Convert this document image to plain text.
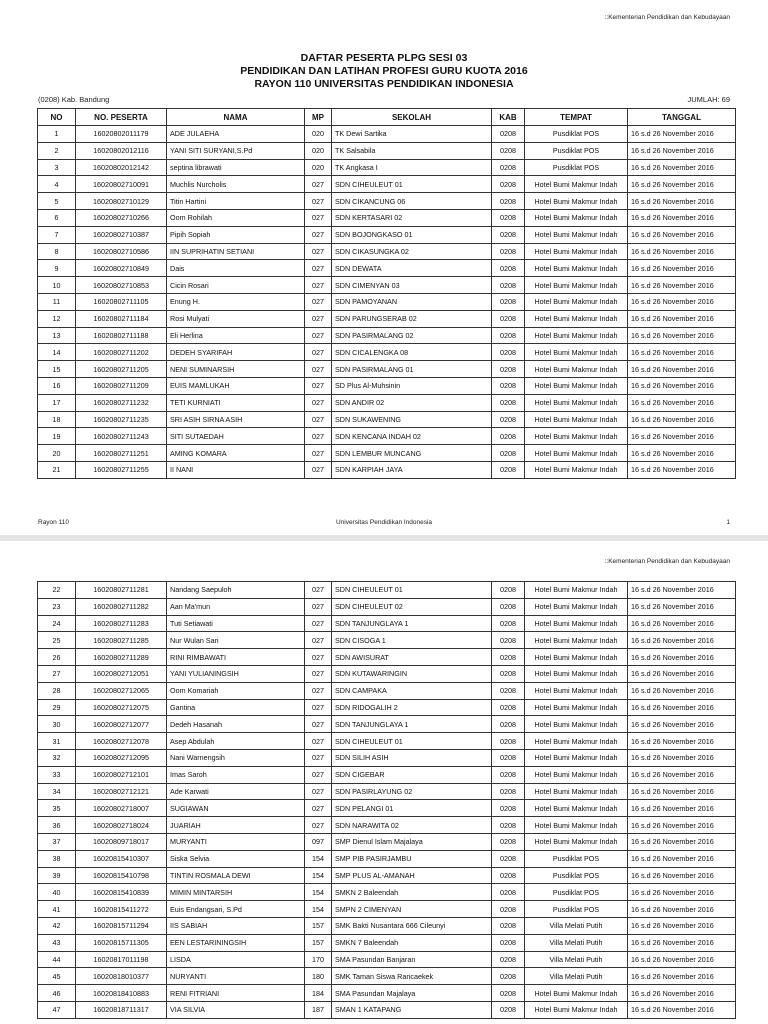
::Kementerian Pendidikan dan Kebudayaan
DAFTAR PESERTA PLPG SESI 03
PENDIDIKAN DAN LATIHAN PROFESI GURU KUOTA 2016
RAYON 110 UNIVERSITAS PENDIDIKAN INDONESIA
(0208) Kab. Bandung	JUMLAH: 69
NO	NO. PESERTA	NAMA	MP	SEKOLAH	KAB	TEMPAT	TANGGAL
1	16020802011179	ADE JULAEHA	020	TK Dewi Sartika	0208	Pusdiklat POS	16 s.d 26 November 2016
2	16020802012116	YANI SITI SURYANI,S.Pd	020	TK Salsabila	0208	Pusdiklat POS	16 s.d 26 November 2016
3	16020802012142	septina librawati	020	TK Angkasa I	0208	Pusdiklat POS	16 s.d 26 November 2016
4	16020802710091	Muchlis Nurcholis	027	SDN CIHEULEUT 01	0208	Hotel Bumi Makmur Indah	16 s.d 26 November 2016
5	16020802710129	Titin Hartini	027	SDN CIKANCUNG 06	0208	Hotel Bumi Makmur Indah	16 s.d 26 November 2016
6	16020802710266	Oom Rohilah	027	SDN KERTASARI 02	0208	Hotel Bumi Makmur Indah	16 s.d 26 November 2016
7	16020802710387	Pipih Sopiah	027	SDN BOJONGKASO 01	0208	Hotel Bumi Makmur Indah	16 s.d 26 November 2016
8	16020802710586	IIN SUPRIHATIN SETIANI	027	SDN CIKASUNGKA 02	0208	Hotel Bumi Makmur Indah	16 s.d 26 November 2016
9	16020802710849	Dais	027	SDN DEWATA	0208	Hotel Bumi Makmur Indah	16 s.d 26 November 2016
10	16020802710853	Cicin Rosari	027	SDN CIMENYAN 03	0208	Hotel Bumi Makmur Indah	16 s.d 26 November 2016
11	16020802711105	Enung H.	027	SDN PAMOYANAN	0208	Hotel Bumi Makmur Indah	16 s.d 26 November 2016
12	16020802711184	Rosi Mulyati	027	SDN PARUNGSERAB 02	0208	Hotel Bumi Makmur Indah	16 s.d 26 November 2016
13	16020802711188	Eli Herlina	027	SDN PASIRMALANG 02	0208	Hotel Bumi Makmur Indah	16 s.d 26 November 2016
14	16020802711202	DEDEH SYARIFAH	027	SDN CICALENGKA 08	0208	Hotel Bumi Makmur Indah	16 s.d 26 November 2016
15	16020802711205	NENI SUMINARSIH	027	SDN PASIRMALANG 01	0208	Hotel Bumi Makmur Indah	16 s.d 26 November 2016
16	16020802711209	EUIS MAMLUKAH	027	SD Plus Al-Muhsinin	0208	Hotel Bumi Makmur Indah	16 s.d 26 November 2016
17	16020802711232	TETI KURNIATI	027	SDN ANDIR 02	0208	Hotel Bumi Makmur Indah	16 s.d 26 November 2016
18	16020802711235	SRI ASIH SIRNA ASIH	027	SDN SUKAWENING	0208	Hotel Bumi Makmur Indah	16 s.d 26 November 2016
19	16020802711243	SITI SUTAEDAH	027	SDN KENCANA INDAH 02	0208	Hotel Bumi Makmur Indah	16 s.d 26 November 2016
20	16020802711251	AMING KOMARA	027	SDN LEMBUR MUNCANG	0208	Hotel Bumi Makmur Indah	16 s.d 26 November 2016
21	16020802711255	II NANI	027	SDN KARPIAH JAYA	0208	Hotel Bumi Makmur Indah	16 s.d 26 November 2016
Rayon 110	Universitas Pendidikan Indonesia	1
::Kementerian Pendidikan dan Kebudayaan
22	16020802711281	Nandang Saepuloh	027	SDN CIHEULEUT 01	0208	Hotel Bumi Makmur Indah	16 s.d 26 November 2016
23	16020802711282	Aan Ma'mun	027	SDN CIHEULEUT 02	0208	Hotel Bumi Makmur Indah	16 s.d 26 November 2016
24	16020802711283	Tuti Setiawati	027	SDN TANJUNGLAYA 1	0208	Hotel Bumi Makmur Indah	16 s.d 26 November 2016
25	16020802711285	Nur Wulan Sari	027	SDN CISOGA 1	0208	Hotel Bumi Makmur Indah	16 s.d 26 November 2016
26	16020802711289	RINI RIMBAWATI	027	SDN AWISURAT	0208	Hotel Bumi Makmur Indah	16 s.d 26 November 2016
27	16020802712051	YANI YULIANINGSIH	027	SDN KUTAWARINGIN	0208	Hotel Bumi Makmur Indah	16 s.d 26 November 2016
28	16020802712065	Oom Komariah	027	SDN CAMPAKA	0208	Hotel Bumi Makmur Indah	16 s.d 26 November 2016
29	16020802712075	Gantina	027	SDN RIDOGALIH 2	0208	Hotel Bumi Makmur Indah	16 s.d 26 November 2016
30	16020802712077	Dedeh Hasanah	027	SDN TANJUNGLAYA 1	0208	Hotel Bumi Makmur Indah	16 s.d 26 November 2016
31	16020802712078	Asep Abdulah	027	SDN CIHEULEUT 01	0208	Hotel Bumi Makmur Indah	16 s.d 26 November 2016
32	16020802712095	Nani Warnengsih	027	SDN SILIH ASIH	0208	Hotel Bumi Makmur Indah	16 s.d 26 November 2016
33	16020802712101	Imas Saroh	027	SDN CIGEBAR	0208	Hotel Bumi Makmur Indah	16 s.d 26 November 2016
34	16020802712121	Ade Karwati	027	SDN PASIRLAYUNG 02	0208	Hotel Bumi Makmur Indah	16 s.d 26 November 2016
35	16020802718007	SUGIAWAN	027	SDN PELANGI 01	0208	Hotel Bumi Makmur Indah	16 s.d 26 November 2016
36	16020802718024	JUARIAH	027	SDN NARAWITA 02	0208	Hotel Bumi Makmur Indah	16 s.d 26 November 2016
37	16020809718017	MURYANTI	097	SMP Dienul Islam Majalaya	0208	Hotel Bumi Makmur Indah	16 s.d 26 November 2016
38	16020815410307	Siska Selvia	154	SMP PIB PASIRJAMBU	0208	Pusdiklat POS	16 s.d 26 November 2016
39	16020815410798	TINTIN ROSMALA DEWI	154	SMP PLUS AL-AMANAH	0208	Pusdiklat POS	16 s.d 26 November 2016
40	16020815410839	MIMIN MINTARSIH	154	SMKN 2 Baleendah	0208	Pusdiklat POS	16 s.d 26 November 2016
41	16020815411272	Euis Endangsari, S.Pd	154	SMPN 2 CIMENYAN	0208	Pusdiklat POS	16 s.d 26 November 2016
42	16020815711294	IIS SABIAH	157	SMK Bakti Nusantara 666 Cileunyi	0208	Villa Melati Putih	16 s.d 26 November 2016
43	16020815711305	EEN LESTARININGSIH	157	SMKN 7 Baleendah	0208	Villa Melati Putih	16 s.d 26 November 2016
44	16020817011198	LISDA	170	SMA Pasundan Banjaran	0208	Villa Melati Putih	16 s.d 26 November 2016
45	16020818010377	NURYANTI	180	SMK Taman Siswa Rancaekek	0208	Villa Melati Putih	16 s.d 26 November 2016
46	16020818410883	RENI FITRIANI	184	SMA Pasundan Majalaya	0208	Hotel Bumi Makmur Indah	16 s.d 26 November 2016
47	16020818711317	VIA SILVIA	187	SMAN 1 KATAPANG	0208	Hotel Bumi Makmur Indah	16 s.d 26 November 2016
